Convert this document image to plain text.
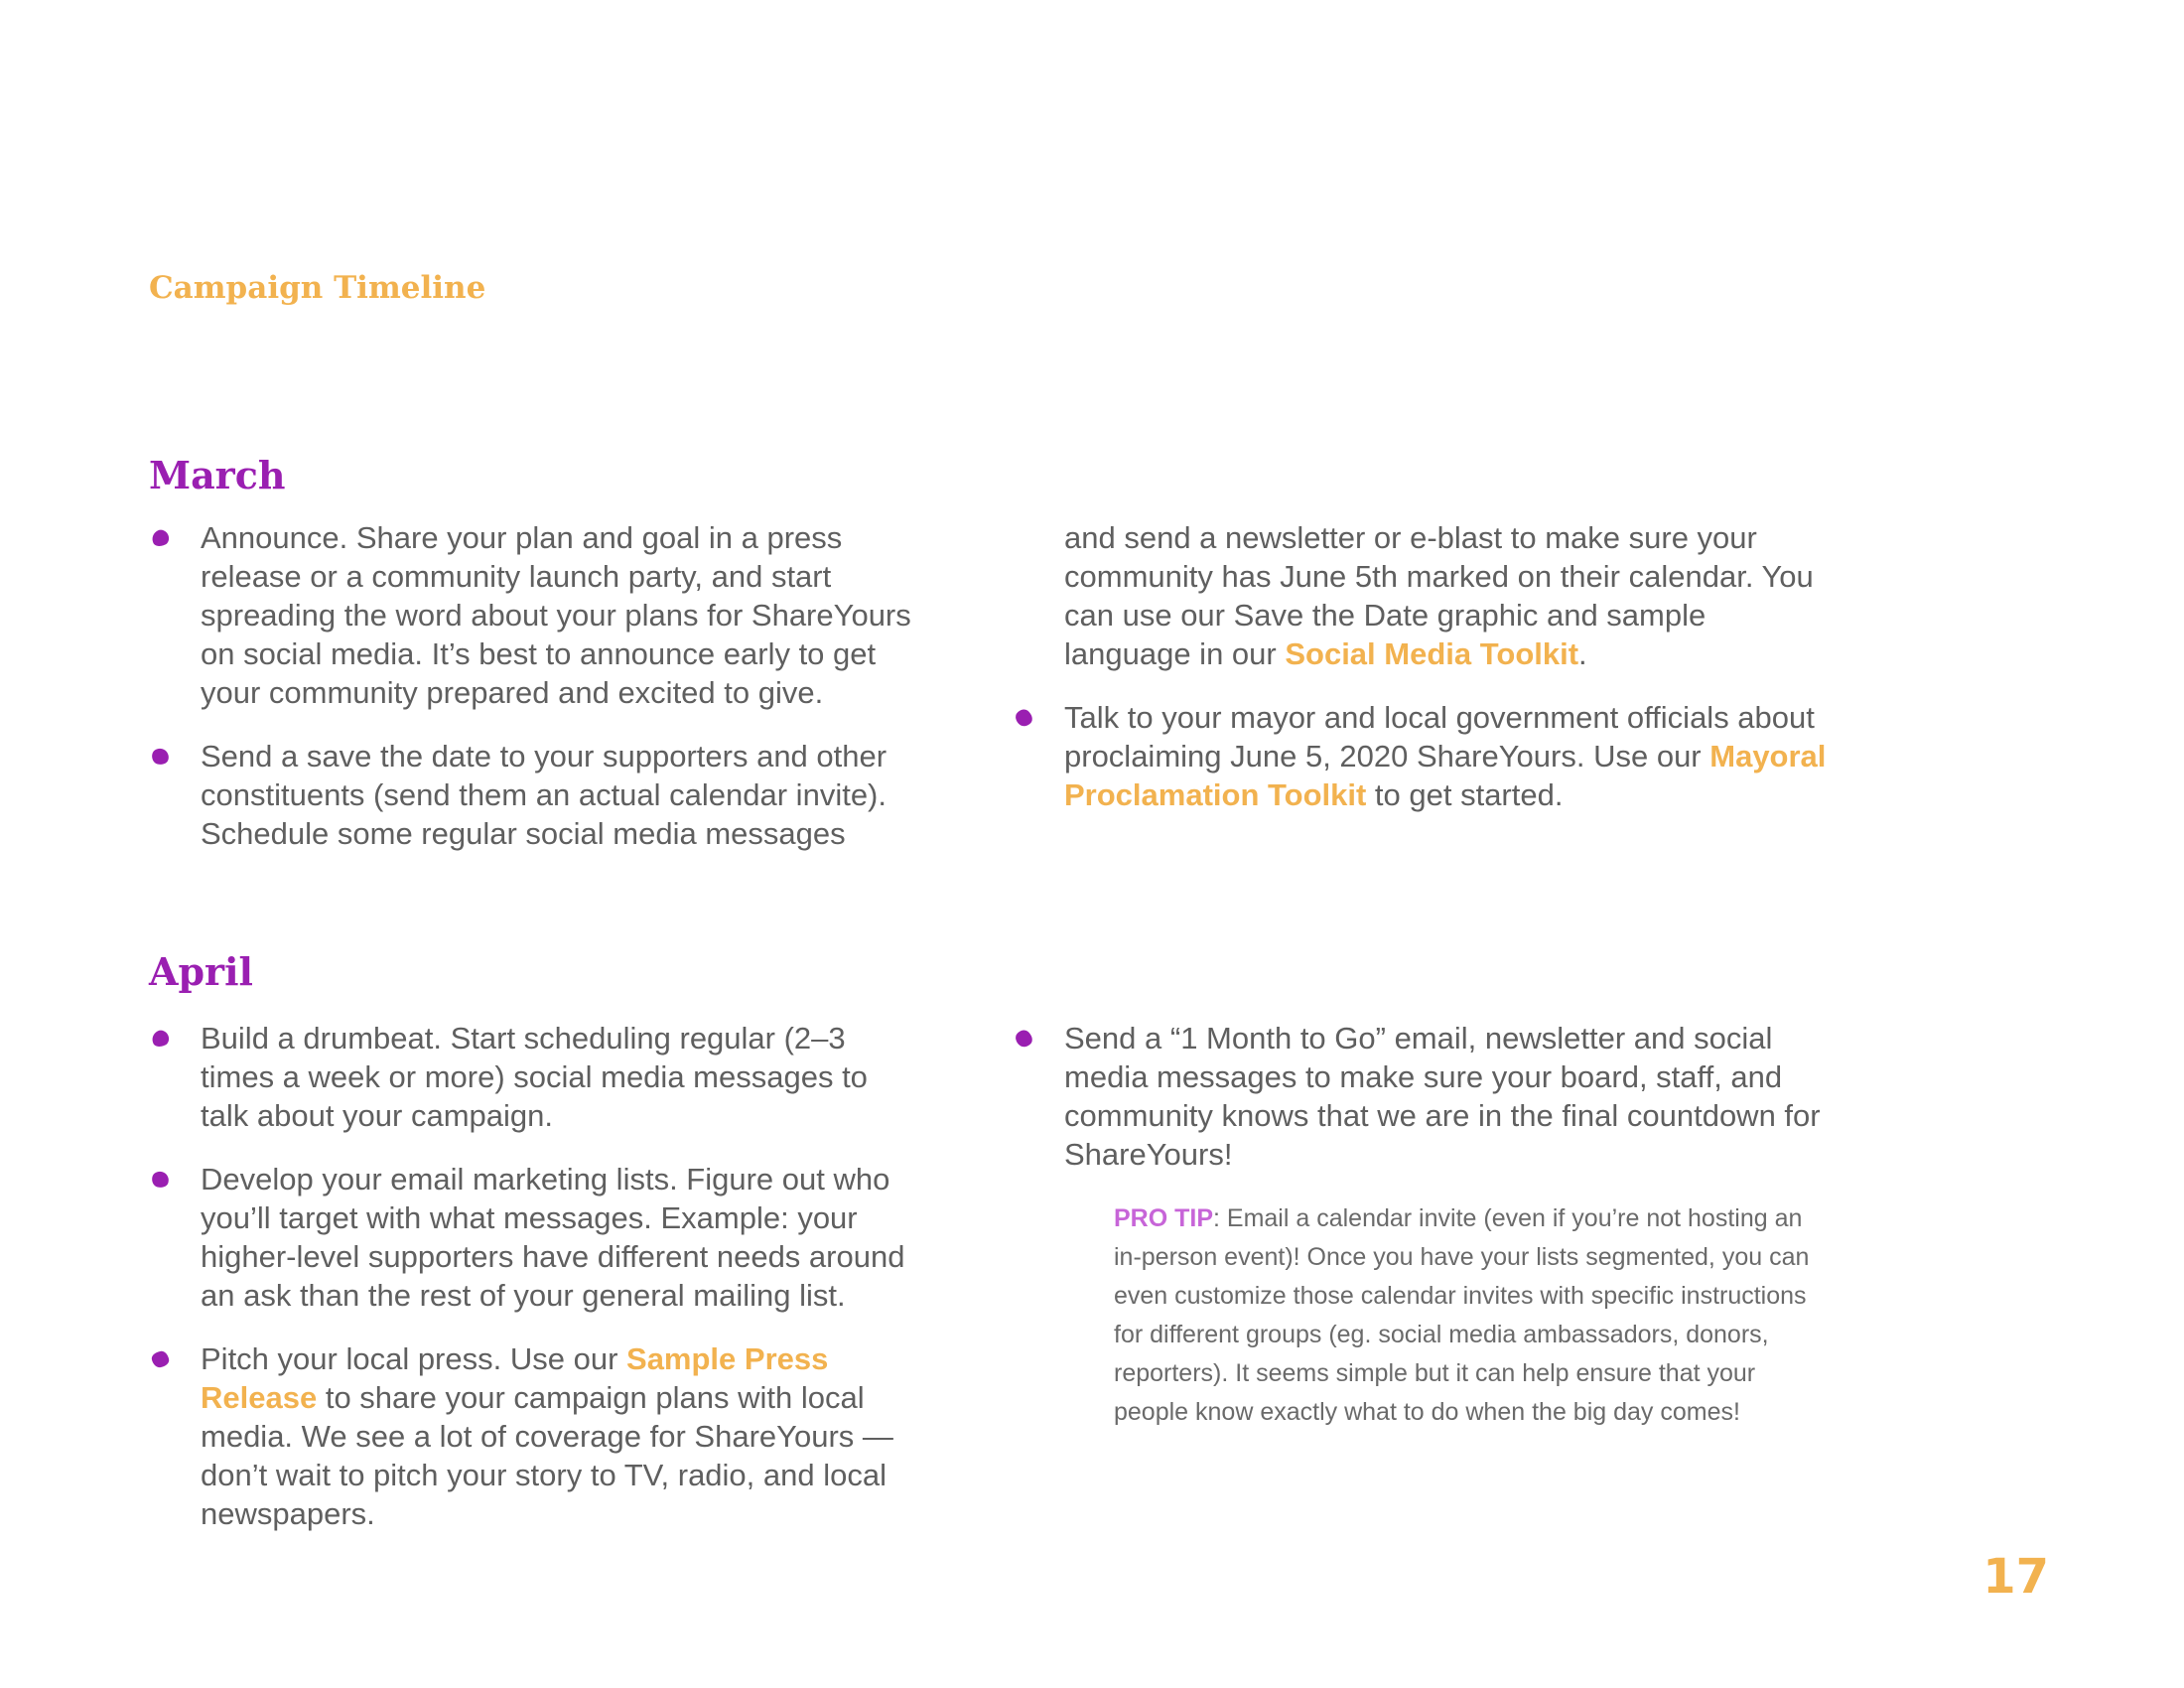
Campaign Timeline

March
Announce. Share your plan and goal in a press release or a community launch party, and start spreading the word about your plans for ShareYours on social media. It’s best to announce early to get your community prepared and excited to give.
Send a save the date to your supporters and other constituents (send them an actual calendar invite). Schedule some regular social media messages

and send a newsletter or e-blast to make sure your community has June 5th marked on their calendar. You can use our Save the Date graphic and sample language in our Social Media Toolkit.

Talk to your mayor and local government officials about proclaiming June 5, 2020 ShareYours. Use our Mayoral Proclamation Toolkit to get started.
April
Build a drumbeat. Start scheduling regular (2–3 times a week or more) social media messages to talk about your campaign.
Develop your email marketing lists. Figure out who you’ll target with what messages. Example: your higher-level supporters have different needs around an ask than the rest of your general mailing list.
Pitch your local press. Use our Sample Press Release to share your campaign plans with local media. We see a lot of coverage for ShareYours — don’t wait to pitch your story to TV, radio, and local newspapers.
Send a “1 Month to Go” email, newsletter and social media messages to make sure your board, staff, and community knows that we are in the final countdown for ShareYours!

PRO TIP: Email a calendar invite (even if you’re not hosting an in-person event)! Once you have your lists segmented, you can even customize those calendar invites with specific instructions for different groups (eg. social media ambassadors, donors, reporters). It seems simple but it can help ensure that your people know exactly what to do when the big day comes!

17
